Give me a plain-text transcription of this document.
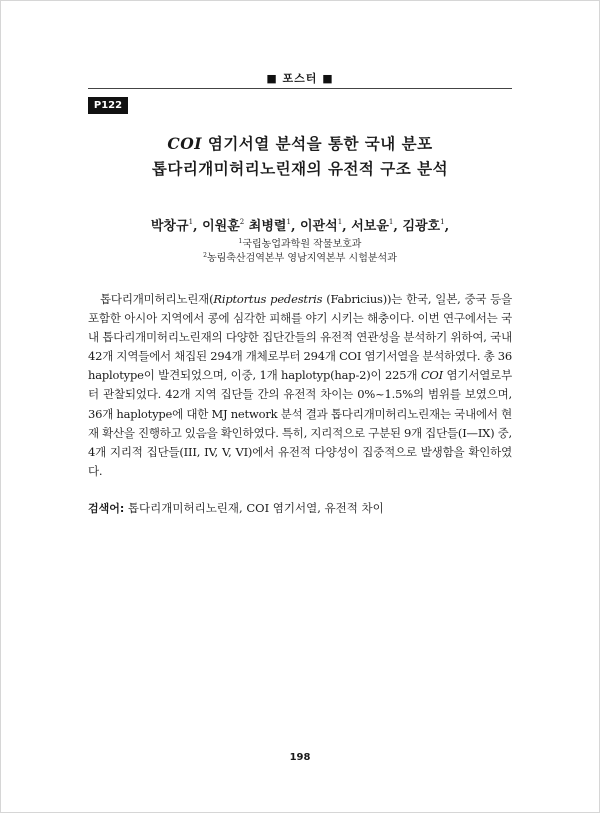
■ 포스터 ■
P122
COI 염기서열 분석을 통한 국내 분포
톱다리개미허리노린재의 유전적 구조 분석
박창규$^1$, 이원훈$^2$ 최병렬$^1$, 이관석$^1$, 서보윤$^1$, 김광호$^1$,
$^1$국립농업과학원 작물보호과
$^2$농림축산검역본부 영남지역본부 시험분석과

톱다리개미허리노린재(Riptortus pedestris (Fabricius))는 한국, 일본, 중국 등을 포함한 아시아 지역에서 콩에 심각한 피해를 야기 시키는 해충이다. 이번 연구에서는 국내 톱다리개미허리노린재의 다양한 집단간들의 유전적 연관성을 분석하기 위하여, 국내 42개 지역들에서 채집된 294개 개체로부터 294개 COI 염기서열을 분석하였다. 총 36 haplotype이 발견되었으며, 이중, 1개 haplotyp(hap-2)이 225개 COI 염기서열로부터 관찰되었다. 42개 지역 집단들 간의 유전적 차이는 0%~1.5%의 범위를 보였으며, 36개 haplotype에 대한 MJ network 분석 결과 톱다리개미허리노린재는 국내에서 현재 확산을 진행하고 있음을 확인하였다. 특히, 지리적으로 구분된 9개 집단들(I—IX) 중, 4개 지리적 집단들(III, IV, V, VI)에서 유전적 다양성이 집중적으로 발생함을 확인하였다.

검색어: 톱다리개미허리노린재, COI 염기서열, 유전적 차이
198
